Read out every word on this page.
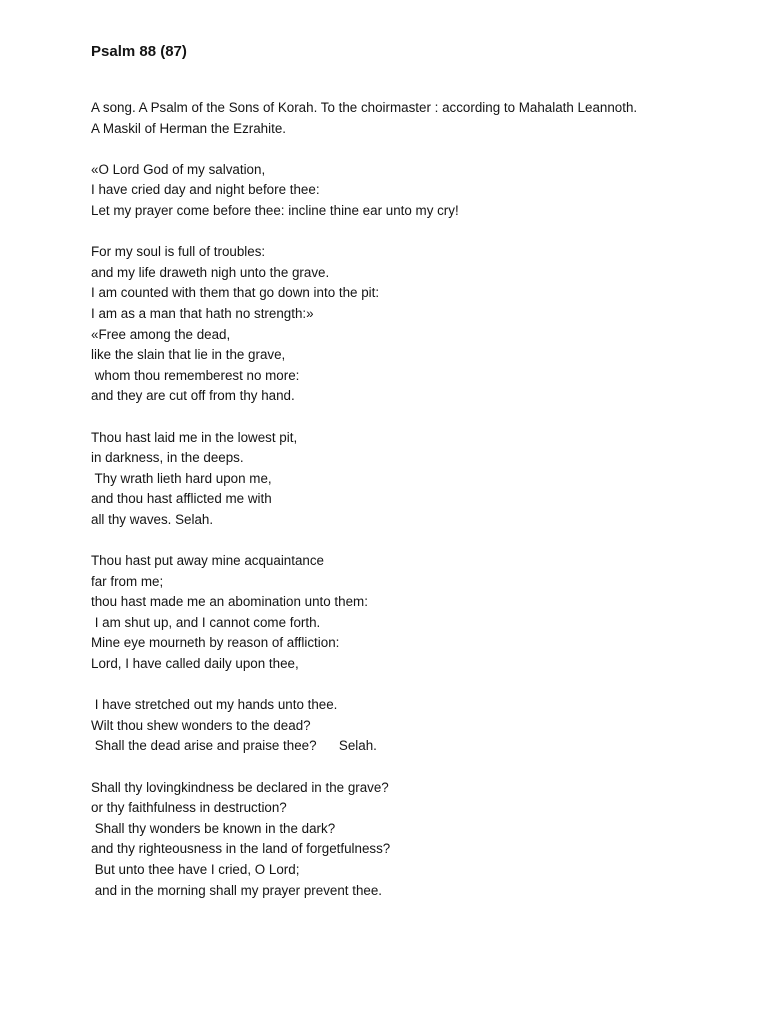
Psalm 88 (87)
A song. A Psalm of the Sons of Korah. To the choirmaster : according to Mahalath Leannoth.
A Maskil of Herman the Ezrahite.
«O Lord God of my salvation,
I have cried day and night before thee:
Let my prayer come before thee: incline thine ear unto my cry!
For my soul is full of troubles:
and my life draweth nigh unto the grave.
I am counted with them that go down into the pit:
I am as a man that hath no strength:»
«Free among the dead,
like the slain that lie in the grave,
whom thou rememberest no more:
and they are cut off from thy hand.
Thou hast laid me in the lowest pit,
in darkness, in the deeps.
Thy wrath lieth hard upon me,
and thou hast afflicted me with
all thy waves. Selah.
Thou hast put away mine acquaintance
far from me;
thou hast made me an abomination unto them:
I am shut up, and I cannot come forth.
Mine eye mourneth by reason of affliction:
Lord, I have called daily upon thee,
I have stretched out my hands unto thee.
Wilt thou shew wonders to the dead?
Shall the dead arise and praise thee?      Selah.
Shall thy lovingkindness be declared in the grave?
or thy faithfulness in destruction?
Shall thy wonders be known in the dark?
and thy righteousness in the land of forgetfulness?
But unto thee have I cried, O Lord;
and in the morning shall my prayer prevent thee.
